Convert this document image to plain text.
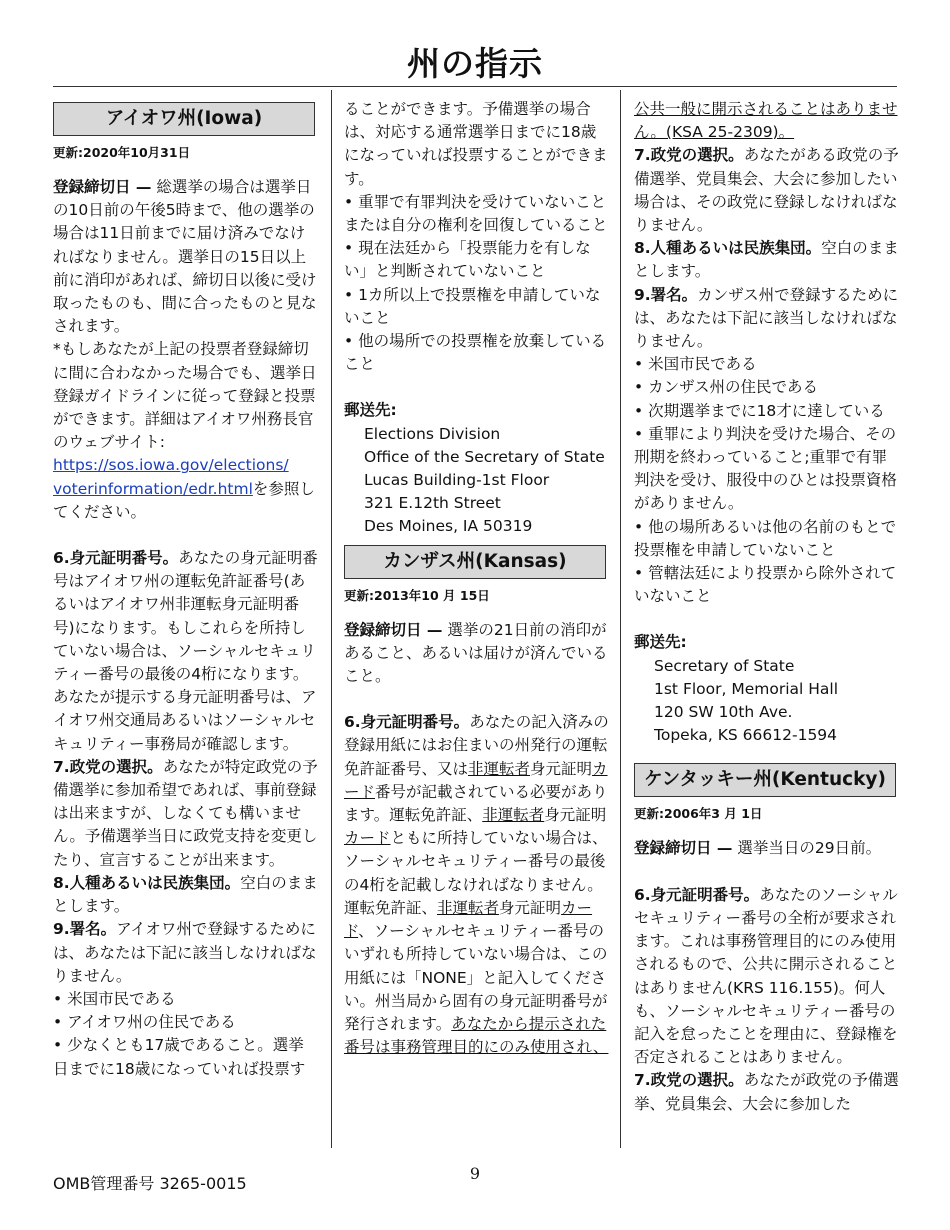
州の指示
アイオワ州(Iowa)

更新:2020年10月31日

登録締切日 — 総選挙の場合は選挙日の10日前の午後5時まで、他の選挙の場合は11日前までに届け済みでなければなりません。選挙日の15日以上前に消印があれば、締切日以後に受け取ったものも、間に合ったものと見なされます。

*もしあなたが上記の投票者登録締切に間に合わなかった場合でも、選挙日登録ガイドラインに従って登録と投票ができます。詳細はアイオワ州務長官のウェブサイト:
https://sos.iowa.gov/elections/
voterinformation/edr.htmlを参照してください。

6.身元証明番号。あなたの身元証明番号はアイオワ州の運転免許証番号(あるいはアイオワ州非運転身元証明番号)になります。もしこれらを所持していない場合は、ソーシャルセキュリティー番号の最後の4桁になります。あなたが提示する身元証明番号は、アイオワ州交通局あるいはソーシャルセキュリティー事務局が確認します。

7.政党の選択。あなたが特定政党の予備選挙に参加希望であれば、事前登録は出来ますが、しなくても構いません。予備選挙当日に政党支持を変更したり、宣言することが出来ます。

8.人種あるいは民族集団。空白のままとします。

9.署名。アイオワ州で登録するためには、あなたは下記に該当しなければなりません。

• 米国市民である

• アイオワ州の住民である

• 少なくとも17歳であること。選挙日までに18歳になっていれば投票す

ることができます。予備選挙の場合は、対応する通常選挙日までに18歳になっていれば投票することができます。

• 重罪で有罪判決を受けていないことまたは自分の権利を回復していること

• 現在法廷から「投票能力を有しない」と判断されていないこと

• 1カ所以上で投票権を申請していないこと

• 他の場所での投票権を放棄していること

郵送先:

Elections Division

Office of the Secretary of State

Lucas Building-1st Floor

321 E.12th Street

Des Moines, IA 50319

カンザス州(Kansas)

更新:2013年10 月 15日

登録締切日 — 選挙の21日前の消印があること、あるいは届けが済んでいること。

6.身元証明番号。あなたの記入済みの登録用紙にはお住まいの州発行の運転免許証番号、又は非運転者身元証明カード番号が記載されている必要があります。運転免許証、非運転者身元証明カードともに所持していない場合は、ソーシャルセキュリティー番号の最後の4桁を記載しなければなりません。運転免許証、非運転者身元証明カード、ソーシャルセキュリティー番号のいずれも所持していない場合は、この用紙には「NONE」と記入してください。州当局から固有の身元証明番号が発行されます。あなたから提示された番号は事務管理目的にのみ使用され、

公共一般に開示されることはありません。(KSA 25-2309)。

7.政党の選択。あなたがある政党の予備選挙、党員集会、大会に参加したい場合は、その政党に登録しなければなりません。

8.人種あるいは民族集団。空白のままとします。

9.署名。カンザス州で登録するためには、あなたは下記に該当しなければなりません。

• 米国市民である

• カンザス州の住民である

• 次期選挙までに18才に達している

• 重罪により判決を受けた場合、その刑期を終わっていること;重罪で有罪判決を受け、服役中のひとは投票資格がありません。

• 他の場所あるいは他の名前のもとで投票権を申請していないこと

• 管轄法廷により投票から除外されていないこと

郵送先:

Secretary of State

1st Floor, Memorial Hall

120 SW 10th Ave.

Topeka, KS 66612-1594

ケンタッキー州(Kentucky)

更新:2006年3 月 1日

登録締切日 — 選挙当日の29日前。

6.身元証明番号。あなたのソーシャルセキュリティー番号の全桁が要求されます。これは事務管理目的にのみ使用されるもので、公共に開示されることはありません(KRS 116.155)。何人も、ソーシャルセキュリティー番号の記入を怠ったことを理由に、登録権を否定されることはありません。

7.政党の選択。あなたが政党の予備選挙、党員集会、大会に参加した

OMB管理番号 3265-0015
9
